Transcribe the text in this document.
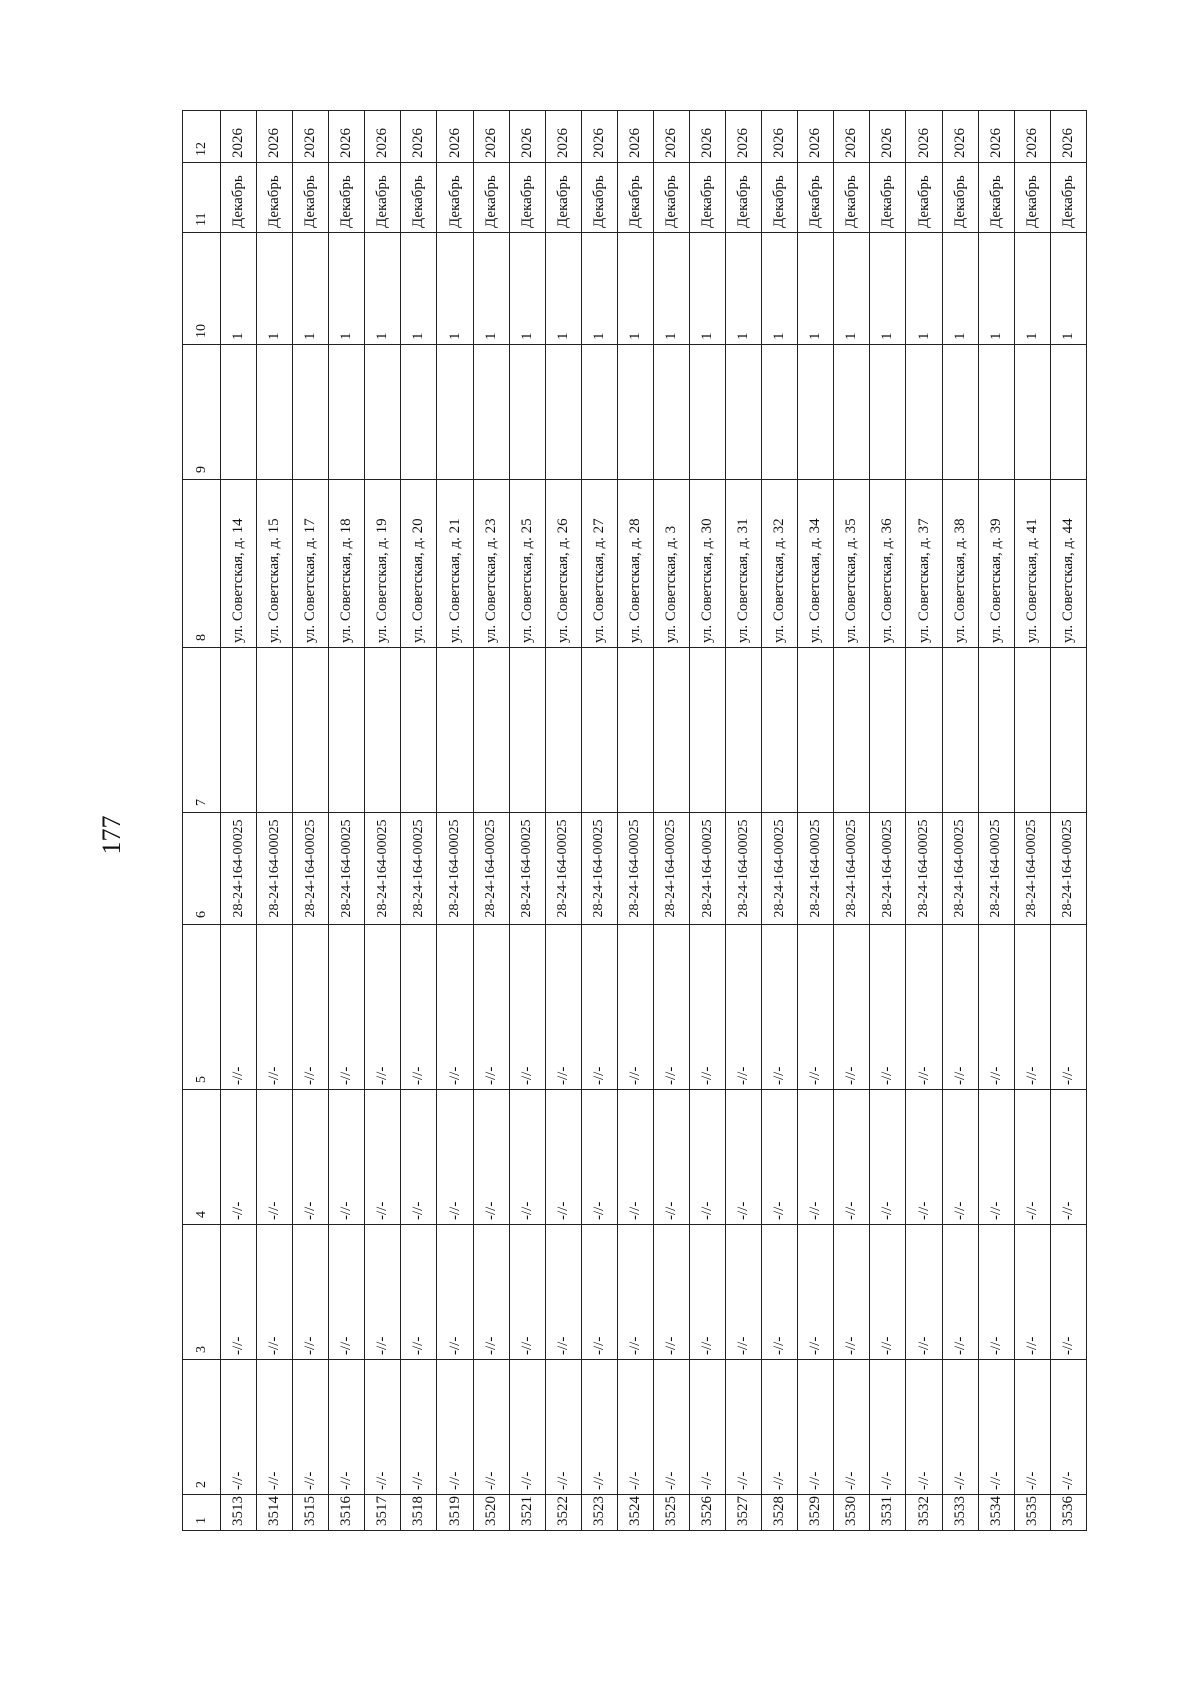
177
1	2	3	4	5	6	7	8	9	10	11	12
3513	-//-	-//-	-//-	-//-	28-24-164-00025		ул. Советская, д. 14		1	Декабрь	2026
3514	-//-	-//-	-//-	-//-	28-24-164-00025		ул. Советская, д. 15		1	Декабрь	2026
3515	-//-	-//-	-//-	-//-	28-24-164-00025		ул. Советская, д. 17		1	Декабрь	2026
3516	-//-	-//-	-//-	-//-	28-24-164-00025		ул. Советская, д. 18		1	Декабрь	2026
3517	-//-	-//-	-//-	-//-	28-24-164-00025		ул. Советская, д. 19		1	Декабрь	2026
3518	-//-	-//-	-//-	-//-	28-24-164-00025		ул. Советская, д. 20		1	Декабрь	2026
3519	-//-	-//-	-//-	-//-	28-24-164-00025		ул. Советская, д. 21		1	Декабрь	2026
3520	-//-	-//-	-//-	-//-	28-24-164-00025		ул. Советская, д. 23		1	Декабрь	2026
3521	-//-	-//-	-//-	-//-	28-24-164-00025		ул. Советская, д. 25		1	Декабрь	2026
3522	-//-	-//-	-//-	-//-	28-24-164-00025		ул. Советская, д. 26		1	Декабрь	2026
3523	-//-	-//-	-//-	-//-	28-24-164-00025		ул. Советская, д. 27		1	Декабрь	2026
3524	-//-	-//-	-//-	-//-	28-24-164-00025		ул. Советская, д. 28		1	Декабрь	2026
3525	-//-	-//-	-//-	-//-	28-24-164-00025		ул. Советская, д. 3		1	Декабрь	2026
3526	-//-	-//-	-//-	-//-	28-24-164-00025		ул. Советская, д. 30		1	Декабрь	2026
3527	-//-	-//-	-//-	-//-	28-24-164-00025		ул. Советская, д. 31		1	Декабрь	2026
3528	-//-	-//-	-//-	-//-	28-24-164-00025		ул. Советская, д. 32		1	Декабрь	2026
3529	-//-	-//-	-//-	-//-	28-24-164-00025		ул. Советская, д. 34		1	Декабрь	2026
3530	-//-	-//-	-//-	-//-	28-24-164-00025		ул. Советская, д. 35		1	Декабрь	2026
3531	-//-	-//-	-//-	-//-	28-24-164-00025		ул. Советская, д. 36		1	Декабрь	2026
3532	-//-	-//-	-//-	-//-	28-24-164-00025		ул. Советская, д. 37		1	Декабрь	2026
3533	-//-	-//-	-//-	-//-	28-24-164-00025		ул. Советская, д. 38		1	Декабрь	2026
3534	-//-	-//-	-//-	-//-	28-24-164-00025		ул. Советская, д. 39		1	Декабрь	2026
3535	-//-	-//-	-//-	-//-	28-24-164-00025		ул. Советская, д. 41		1	Декабрь	2026
3536	-//-	-//-	-//-	-//-	28-24-164-00025		ул. Советская, д. 44		1	Декабрь	2026
